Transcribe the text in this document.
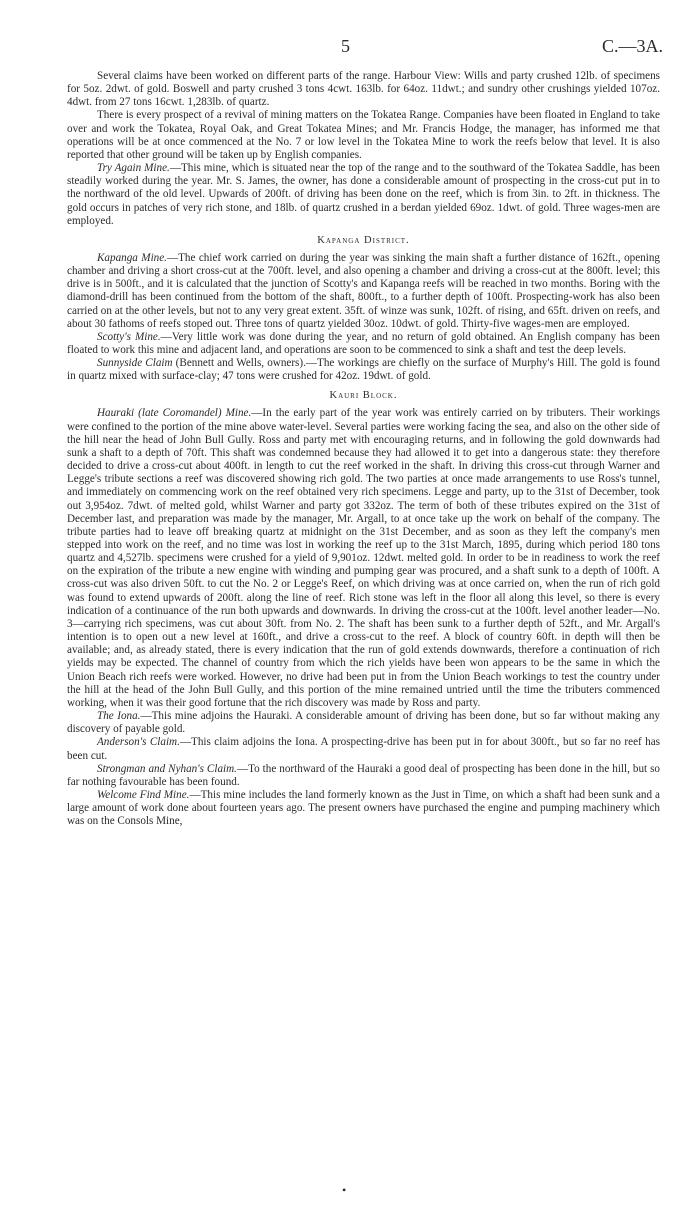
5	C.—3A.

Several claims have been worked on different parts of the range. Harbour View: Wills and party crushed 12lb. of specimens for 5oz. 2dwt. of gold. Boswell and party crushed 3 tons 4cwt. 163lb. for 64oz. 11dwt.; and sundry other crushings yielded 107oz. 4dwt. from 27 tons 16cwt. 1,283lb. of quartz.

There is every prospect of a revival of mining matters on the Tokatea Range. Companies have been floated in England to take over and work the Tokatea, Royal Oak, and Great Tokatea Mines; and Mr. Francis Hodge, the manager, has informed me that operations will be at once commenced at the No. 7 or low level in the Tokatea Mine to work the reefs below that level. It is also reported that other ground will be taken up by English companies.

Try Again Mine.—This mine, which is situated near the top of the range and to the southward of the Tokatea Saddle, has been steadily worked during the year. Mr. S. James, the owner, has done a considerable amount of prospecting in the cross-cut put in to the northward of the old level. Upwards of 200ft. of driving has been done on the reef, which is from 3in. to 2ft. in thickness. The gold occurs in patches of very rich stone, and 18lb. of quartz crushed in a berdan yielded 69oz. 1dwt. of gold. Three wages-men are employed.

Kapanga District.

Kapanga Mine.—The chief work carried on during the year was sinking the main shaft a further distance of 162ft., opening chamber and driving a short cross-cut at the 700ft. level, and also opening a chamber and driving a cross-cut at the 800ft. level; this drive is in 500ft., and it is calculated that the junction of Scotty's and Kapanga reefs will be reached in two months. Boring with the diamond-drill has been continued from the bottom of the shaft, 800ft., to a further depth of 100ft. Prospecting-work has also been carried on at the other levels, but not to any very great extent. 35ft. of winze was sunk, 102ft. of rising, and 65ft. driven on reefs, and about 30 fathoms of reefs stoped out. Three tons of quartz yielded 30oz. 10dwt. of gold. Thirty-five wages-men are employed.

Scotty's Mine.—Very little work was done during the year, and no return of gold obtained. An English company has been floated to work this mine and adjacent land, and operations are soon to be commenced to sink a shaft and test the deep levels.

Sunnyside Claim (Bennett and Wells, owners).—The workings are chiefly on the surface of Murphy's Hill. The gold is found in quartz mixed with surface-clay; 47 tons were crushed for 42oz. 19dwt. of gold.

Kauri Block.

Hauraki (late Coromandel) Mine.—In the early part of the year work was entirely carried on by tributers. Their workings were confined to the portion of the mine above water-level. Several parties were working facing the sea, and also on the other side of the hill near the head of John Bull Gully. Ross and party met with encouraging returns, and in following the gold downwards had sunk a shaft to a depth of 70ft. This shaft was condemned because they had allowed it to get into a dangerous state: they therefore decided to drive a cross-cut about 400ft. in length to cut the reef worked in the shaft. In driving this cross-cut through Warner and Legge's tribute sections a reef was discovered showing rich gold. The two parties at once made arrangements to use Ross's tunnel, and immediately on commencing work on the reef obtained very rich specimens. Legge and party, up to the 31st of December, took out 3,954oz. 7dwt. of melted gold, whilst Warner and party got 332oz. The term of both of these tributes expired on the 31st of December last, and preparation was made by the manager, Mr. Argall, to at once take up the work on behalf of the company. The tribute parties had to leave off breaking quartz at midnight on the 31st December, and as soon as they left the company's men stepped into work on the reef, and no time was lost in working the reef up to the 31st March, 1895, during which period 180 tons quartz and 4,527lb. specimens were crushed for a yield of 9,901oz. 12dwt. melted gold. In order to be in readiness to work the reef on the expiration of the tribute a new engine with winding and pumping gear was procured, and a shaft sunk to a depth of 100ft. A cross-cut was also driven 50ft. to cut the No. 2 or Legge's Reef, on which driving was at once carried on, when the run of rich gold was found to extend upwards of 200ft. along the line of reef. Rich stone was left in the floor all along this level, so there is every indication of a continuance of the run both upwards and downwards. In driving the cross-cut at the 100ft. level another leader—No. 3—carrying rich specimens, was cut about 30ft. from No. 2. The shaft has been sunk to a further depth of 52ft., and Mr. Argall's intention is to open out a new level at 160ft., and drive a cross-cut to the reef. A block of country 60ft. in depth will then be available; and, as already stated, there is every indication that the run of gold extends downwards, therefore a continuation of rich yields may be expected. The channel of country from which the rich yields have been won appears to be the same in which the Union Beach rich reefs were worked. However, no drive had been put in from the Union Beach workings to test the country under the hill at the head of the John Bull Gully, and this portion of the mine remained untried until the time the tributers commenced working, when it was their good fortune that the rich discovery was made by Ross and party.

The Iona.—This mine adjoins the Hauraki. A considerable amount of driving has been done, but so far without making any discovery of payable gold.

Anderson's Claim.—This claim adjoins the Iona. A prospecting-drive has been put in for about 300ft., but so far no reef has been cut.

Strongman and Nyhan's Claim.—To the northward of the Hauraki a good deal of prospecting has been done in the hill, but so far nothing favourable has been found.

Welcome Find Mine.—This mine includes the land formerly known as the Just in Time, on which a shaft had been sunk and a large amount of work done about fourteen years ago. The present owners have purchased the engine and pumping machinery which was on the Consols Mine,

•
